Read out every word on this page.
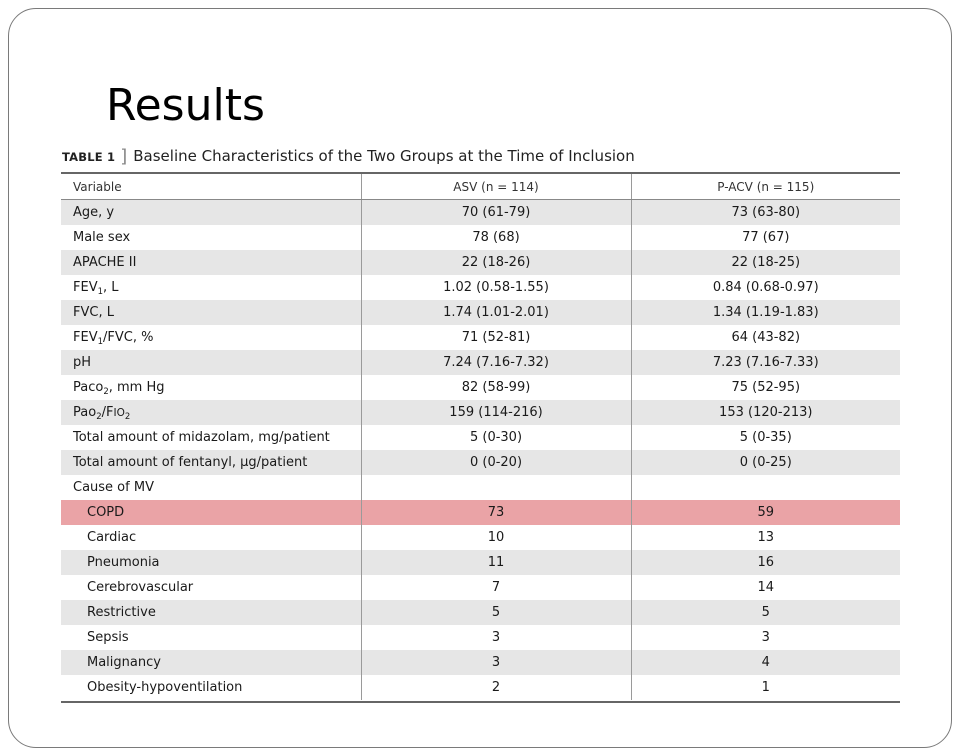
Results
TABLE 1 ] Baseline Characteristics of the Two Groups at the Time of Inclusion
Variable	ASV (n = 114)	P-ACV (n = 115)
Age, y	70 (61-79)	73 (63-80)
Male sex	78 (68)	77 (67)
APACHE II	22 (18-26)	22 (18-25)
$FEV_1$, L	1.02 (0.58-1.55)	0.84 (0.68-0.97)
FVC, L	1.74 (1.01-2.01)	1.34 (1.19-1.83)
$FEV_1$/FVC, %	71 (52-81)	64 (43-82)
pH	7.24 (7.16-7.32)	7.23 (7.16-7.33)
Paco$_2$, mm Hg	82 (58-99)	75 (52-95)
$Pao_2/FIO_2$	159 (114-216)	153 (120-213)
Total amount of midazolam, mg/patient	5 (0-30)	5 (0-35)
Total amount of fentanyl, μg/patient	0 (0-20)	0 (0-25)
Cause of MV		
COPD	73	59
Cardiac	10	13
Pneumonia	11	16
Cerebrovascular	7	14
Restrictive	5	5
Sepsis	3	3
Malignancy	3	4
Obesity-hypoventilation	2	1
